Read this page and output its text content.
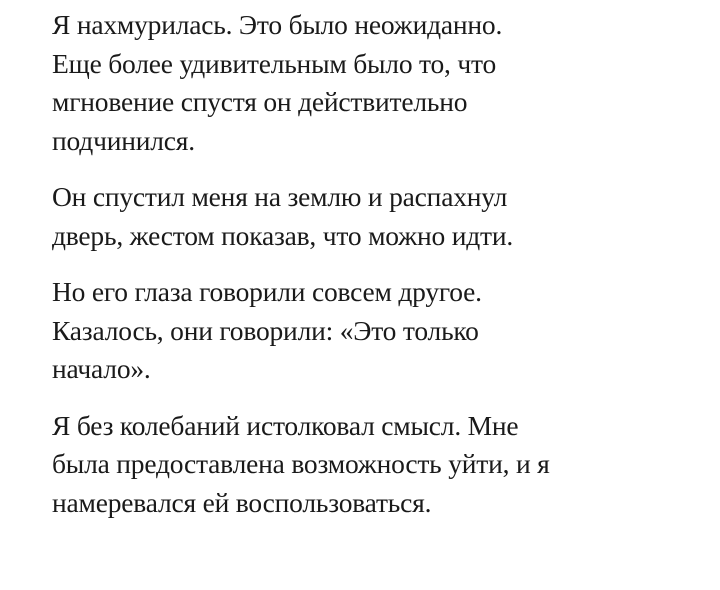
Я нахмурилась. Это было неожиданно.
Еще более удивительным было то, что
мгновение спустя он действительно
подчинился.

Он спустил меня на землю и распахнул
дверь, жестом показав, что можно идти.

Но его глаза говорили совсем другое.
Казалось, они говорили: «Это только
начало».

Я без колебаний истолковал смысл. Мне
была предоставлена возможность уйти, и я
намеревался ей воспользоваться.
